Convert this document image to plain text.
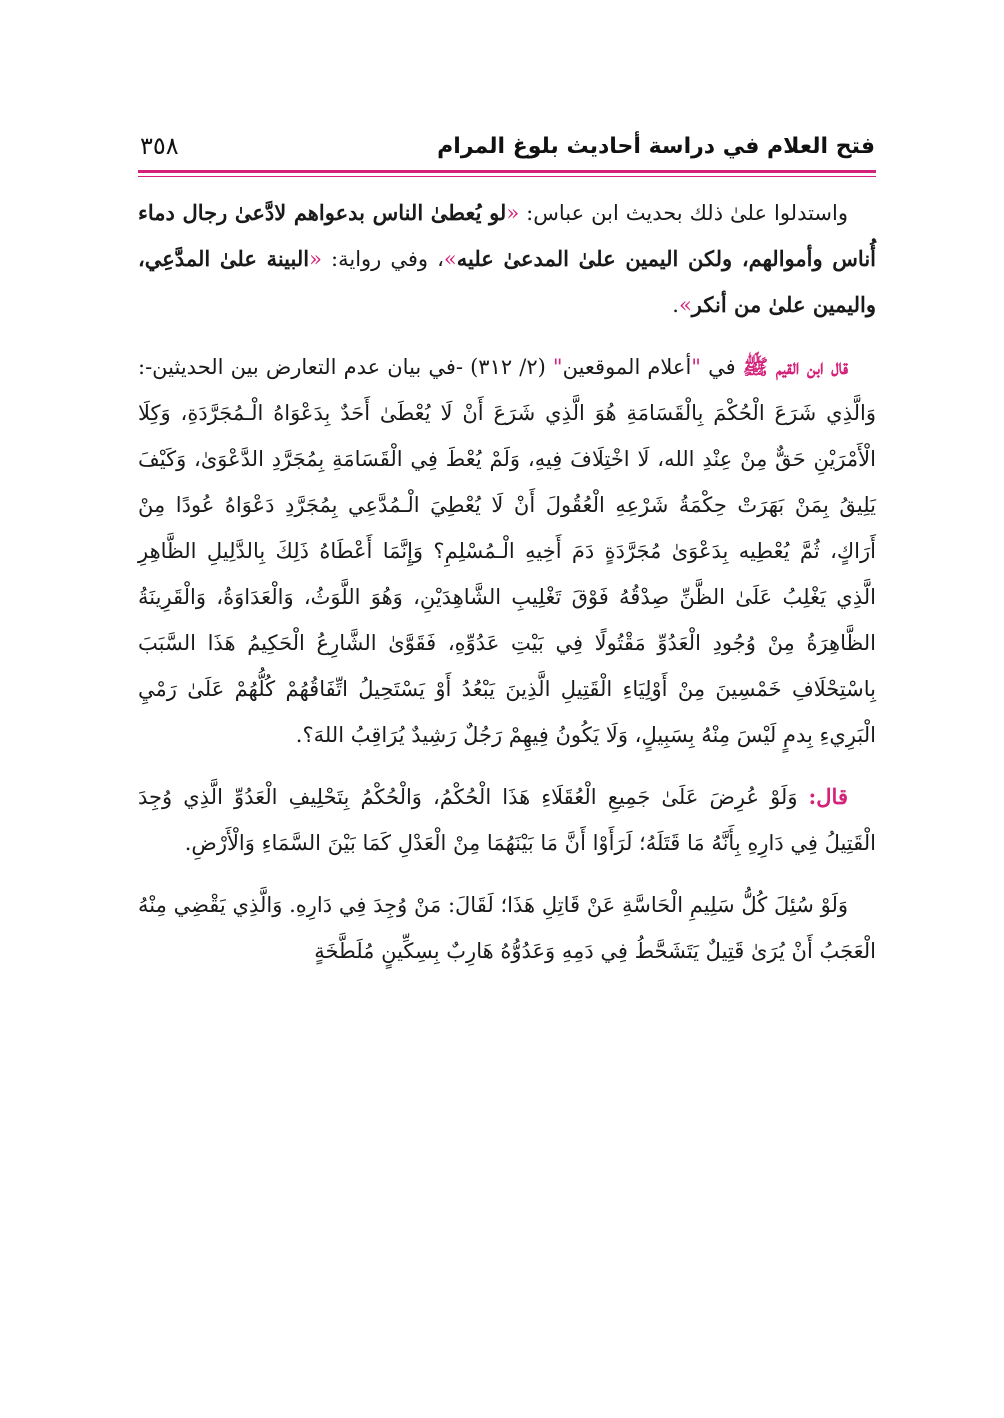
فتح العلام في دراسة أحاديث بلوغ المرام
٣٥٨

واستدلوا علىٰ ذلك بحديث ابن عباس: «لو يُعطىٰ الناس بدعواهم لادَّعىٰ رجال دماء أُناس وأموالهم، ولكن اليمين علىٰ المدعىٰ عليه»، وفي رواية: «البينة علىٰ المدَّعِي، واليمين علىٰ من أنكر».

قال ابن القيم ﷺ في "أعلام الموقعين" (٢/ ٣١٢) -في بيان عدم التعارض بين الحديثين-: وَالَّذِي شَرَعَ الْحُكْمَ بِالْقَسَامَةِ هُوَ الَّذِي شَرَعَ أَنْ لَا يُعْطَىٰ أَحَدٌ بِدَعْوَاهُ الْـمُجَرَّدَةِ، وَكِلَا الْأَمْرَيْنِ حَقٌّ مِنْ عِنْدِ الله، لَا اخْتِلَافَ فِيهِ، وَلَمْ يُعْطَ فِي الْقَسَامَةِ بِمُجَرَّدِ الدَّعْوَىٰ، وَكَيْفَ يَلِيقُ بِمَنْ بَهَرَتْ حِكْمَةُ شَرْعِهِ الْعُقُولَ أَنْ لَا يُعْطِيَ الْـمُدَّعِي بِمُجَرَّدِ دَعْوَاهُ عُودًا مِنْ أَرَاكٍ، ثُمَّ يُعْطِيه بِدَعْوَىٰ مُجَرَّدَةٍ دَمَ أَخِيهِ الْـمُسْلِمِ؟ وَإِنَّمَا أَعْطَاهُ ذَلِكَ بِالدَّلِيلِ الظَّاهِرِ الَّذِي يَغْلِبُ عَلَىٰ الظَّنِّ صِدْقُهُ فَوْقَ تَغْلِيبِ الشَّاهِدَيْنِ، وَهُوَ اللَّوَثُ، وَالْعَدَاوَةُ، وَالْقَرِينَةُ الظَّاهِرَةُ مِنْ وُجُودِ الْعَدُوِّ مَقْتُولًا فِي بَيْتِ عَدُوِّهِ، فَقَوَّىٰ الشَّارِعُ الْحَكِيمُ هَذَا السَّبَبَ بِاسْتِحْلَافِ خَمْسِينَ مِنْ أَوْلِيَاءِ الْقَتِيلِ الَّذِينَ يَبْعُدُ أَوْ يَسْتَحِيلُ اتِّفَاقُهُمْ كُلُّهُمْ عَلَىٰ رَمْيِ الْبَرِيءِ بِدمٍ لَيْسَ مِنْهُ بِسَبِيلٍ، وَلَا يَكُونُ فِيهِمْ رَجُلٌ رَشِيدٌ يُرَاقِبُ اللهَ؟.

قال: وَلَوْ عُرِضَ عَلَىٰ جَمِيعِ الْعُقَلَاءِ هَذَا الْحُكْمُ، وَالْحُكْمُ بِتَحْلِيفِ الْعَدُوِّ الَّذِي وُجِدَ الْقَتِيلُ فِي دَارِهِ بِأَنَّهُ مَا قَتَلَهُ؛ لَرَأَوْا أَنَّ مَا بَيْنَهُمَا مِنْ الْعَدْلِ كَمَا بَيْنَ السَّمَاءِ وَالْأَرْضِ.

وَلَوْ سُئِلَ كُلُّ سَلِيمِ الْحَاسَّةِ عَنْ قَاتِلِ هَذَا؛ لَقَالَ: مَنْ وُجِدَ فِي دَارِهِ. وَالَّذِي يَقْضِي مِنْهُ الْعَجَبُ أَنْ يُرَىٰ قَتِيلٌ يَتَشَحَّطُ فِي دَمِهِ وَعَدُوُّهُ هَارِبٌ بِسِكِّينٍ مُلَطَّخَةٍ
